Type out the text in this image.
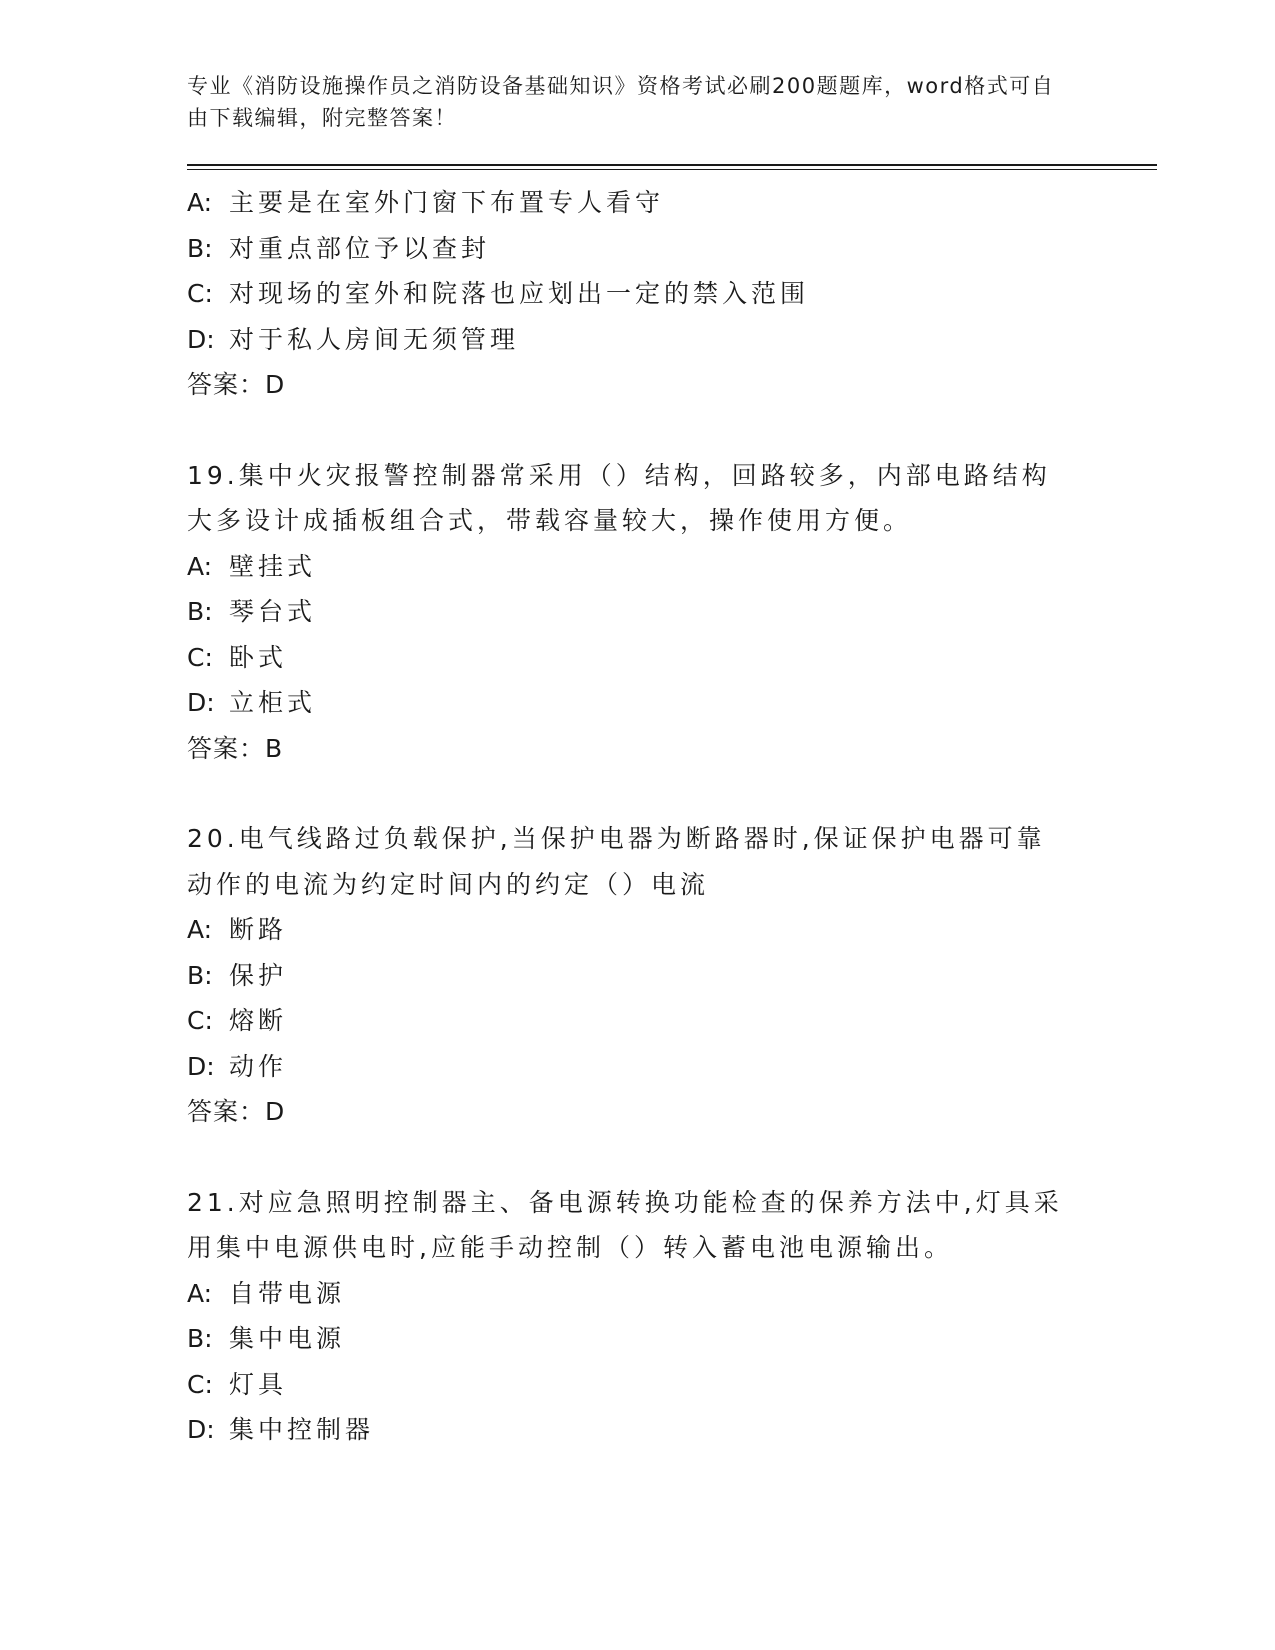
专业《消防设施操作员之消防设备基础知识》资格考试必刷200题题库，word格式可自由下载编辑，附完整答案！

A: 主要是在室外门窗下布置专人看守
B: 对重点部位予以查封
C: 对现场的室外和院落也应划出一定的禁入范围
D: 对于私人房间无须管理
答案：D
19.集中火灾报警控制器常采用（）结构，回路较多，内部电路结构大多设计成插板组合式，带载容量较大，操作使用方便。
A: 壁挂式
B: 琴台式
C: 卧式
D: 立柜式
答案：B
20.电气线路过负载保护,当保护电器为断路器时,保证保护电器可靠动作的电流为约定时间内的约定（）电流
A: 断路
B: 保护
C: 熔断
D: 动作
答案：D
21.对应急照明控制器主、备电源转换功能检查的保养方法中,灯具采用集中电源供电时,应能手动控制（）转入蓄电池电源输出。
A: 自带电源
B: 集中电源
C: 灯具
D: 集中控制器
